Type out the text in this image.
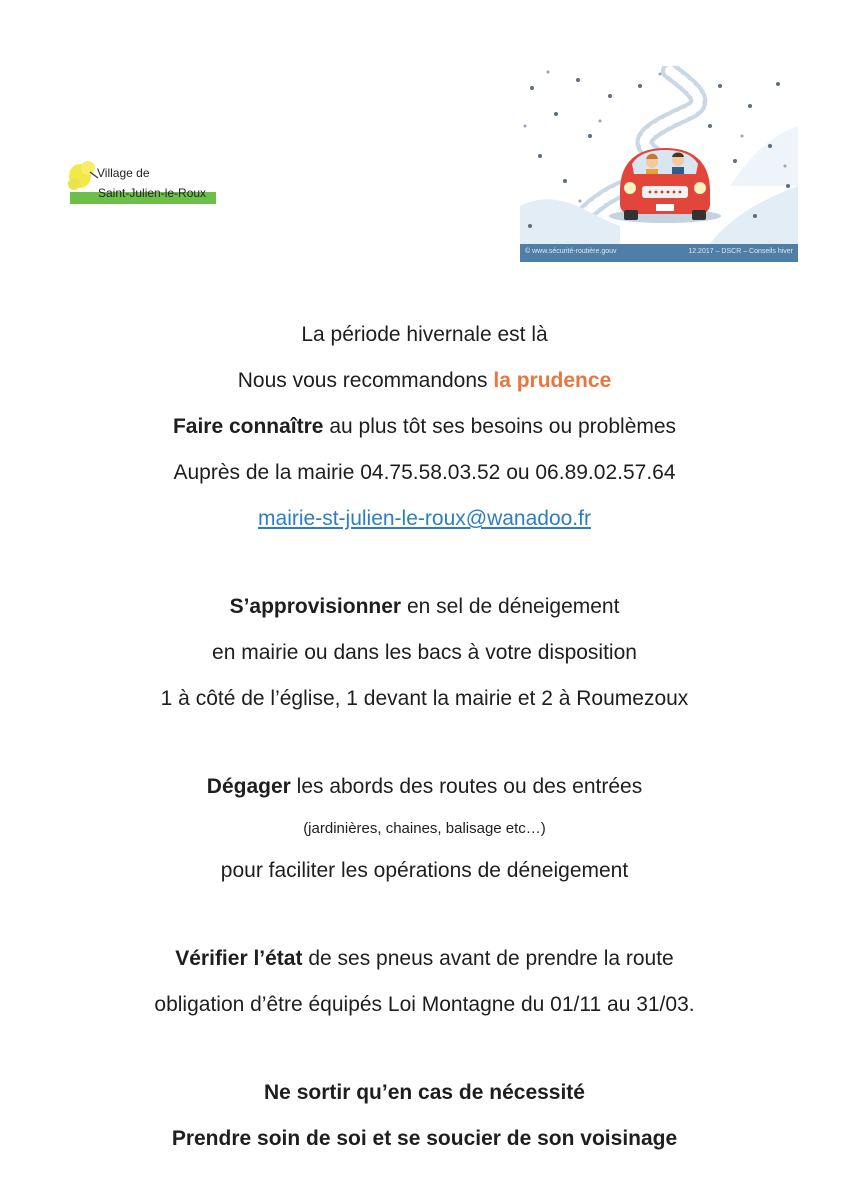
Village de
Saint-Julien-le-Roux
© www.sécurité-routière.gouv	12.2017 – DSCR – Conseils hiver
La période hivernale est là
Nous vous recommandons la prudence
Faire connaître au plus tôt ses besoins ou problèmes
Auprès de la mairie 04.75.58.03.52 ou 06.89.02.57.64
mairie-st-julien-le-roux@wanadoo.fr
S’approvisionner en sel de déneigement
en mairie ou dans les bacs à votre disposition
1 à côté de l’église, 1 devant la mairie et 2 à Roumezoux
Dégager les abords des routes ou des entrées
(jardinières, chaines, balisage etc…)
pour faciliter les opérations de déneigement
Vérifier l’état de ses pneus avant de prendre la route
obligation d’être équipés Loi Montagne du 01/11 au 31/03.
Ne sortir qu’en cas de nécessité
Prendre soin de soi et se soucier de son voisinage
